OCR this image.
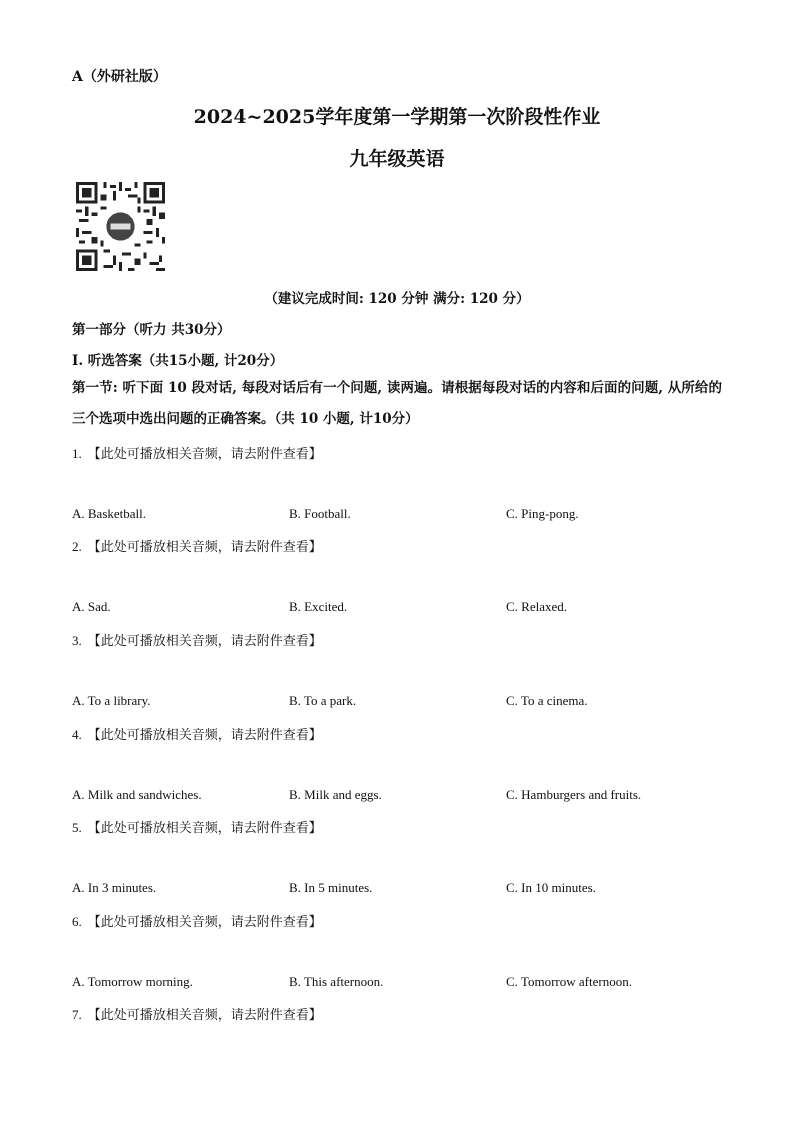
A（外研社版）
2024~2025学年度第一学期第一次阶段性作业
九年级英语
（建议完成时间: 120 分钟 满分: 120 分）
第一部分（听力 共30分）
I. 听选答案（共15小题, 计20分）
第一节: 听下面 10 段对话, 每段对话后有一个问题, 读两遍。请根据每段对话的内容和后面的问题, 从所给的三个选项中选出问题的正确答案。（共 10 小题, 计10分）
1. 【此处可播放相关音频，请去附件查看】
A. Basketball.	B. Football.	C. Ping-pong.
2. 【此处可播放相关音频，请去附件查看】
A. Sad.	B. Excited.	C. Relaxed.
3. 【此处可播放相关音频，请去附件查看】
A. To a library.	B. To a park.	C. To a cinema.
4. 【此处可播放相关音频，请去附件查看】
A. Milk and sandwiches.	B. Milk and eggs.	C. Hamburgers and fruits.
5. 【此处可播放相关音频，请去附件查看】
A. In 3 minutes.	B. In 5 minutes.	C. In 10 minutes.
6. 【此处可播放相关音频，请去附件查看】
A. Tomorrow morning.	B. This afternoon.	C. Tomorrow afternoon.
7. 【此处可播放相关音频，请去附件查看】
